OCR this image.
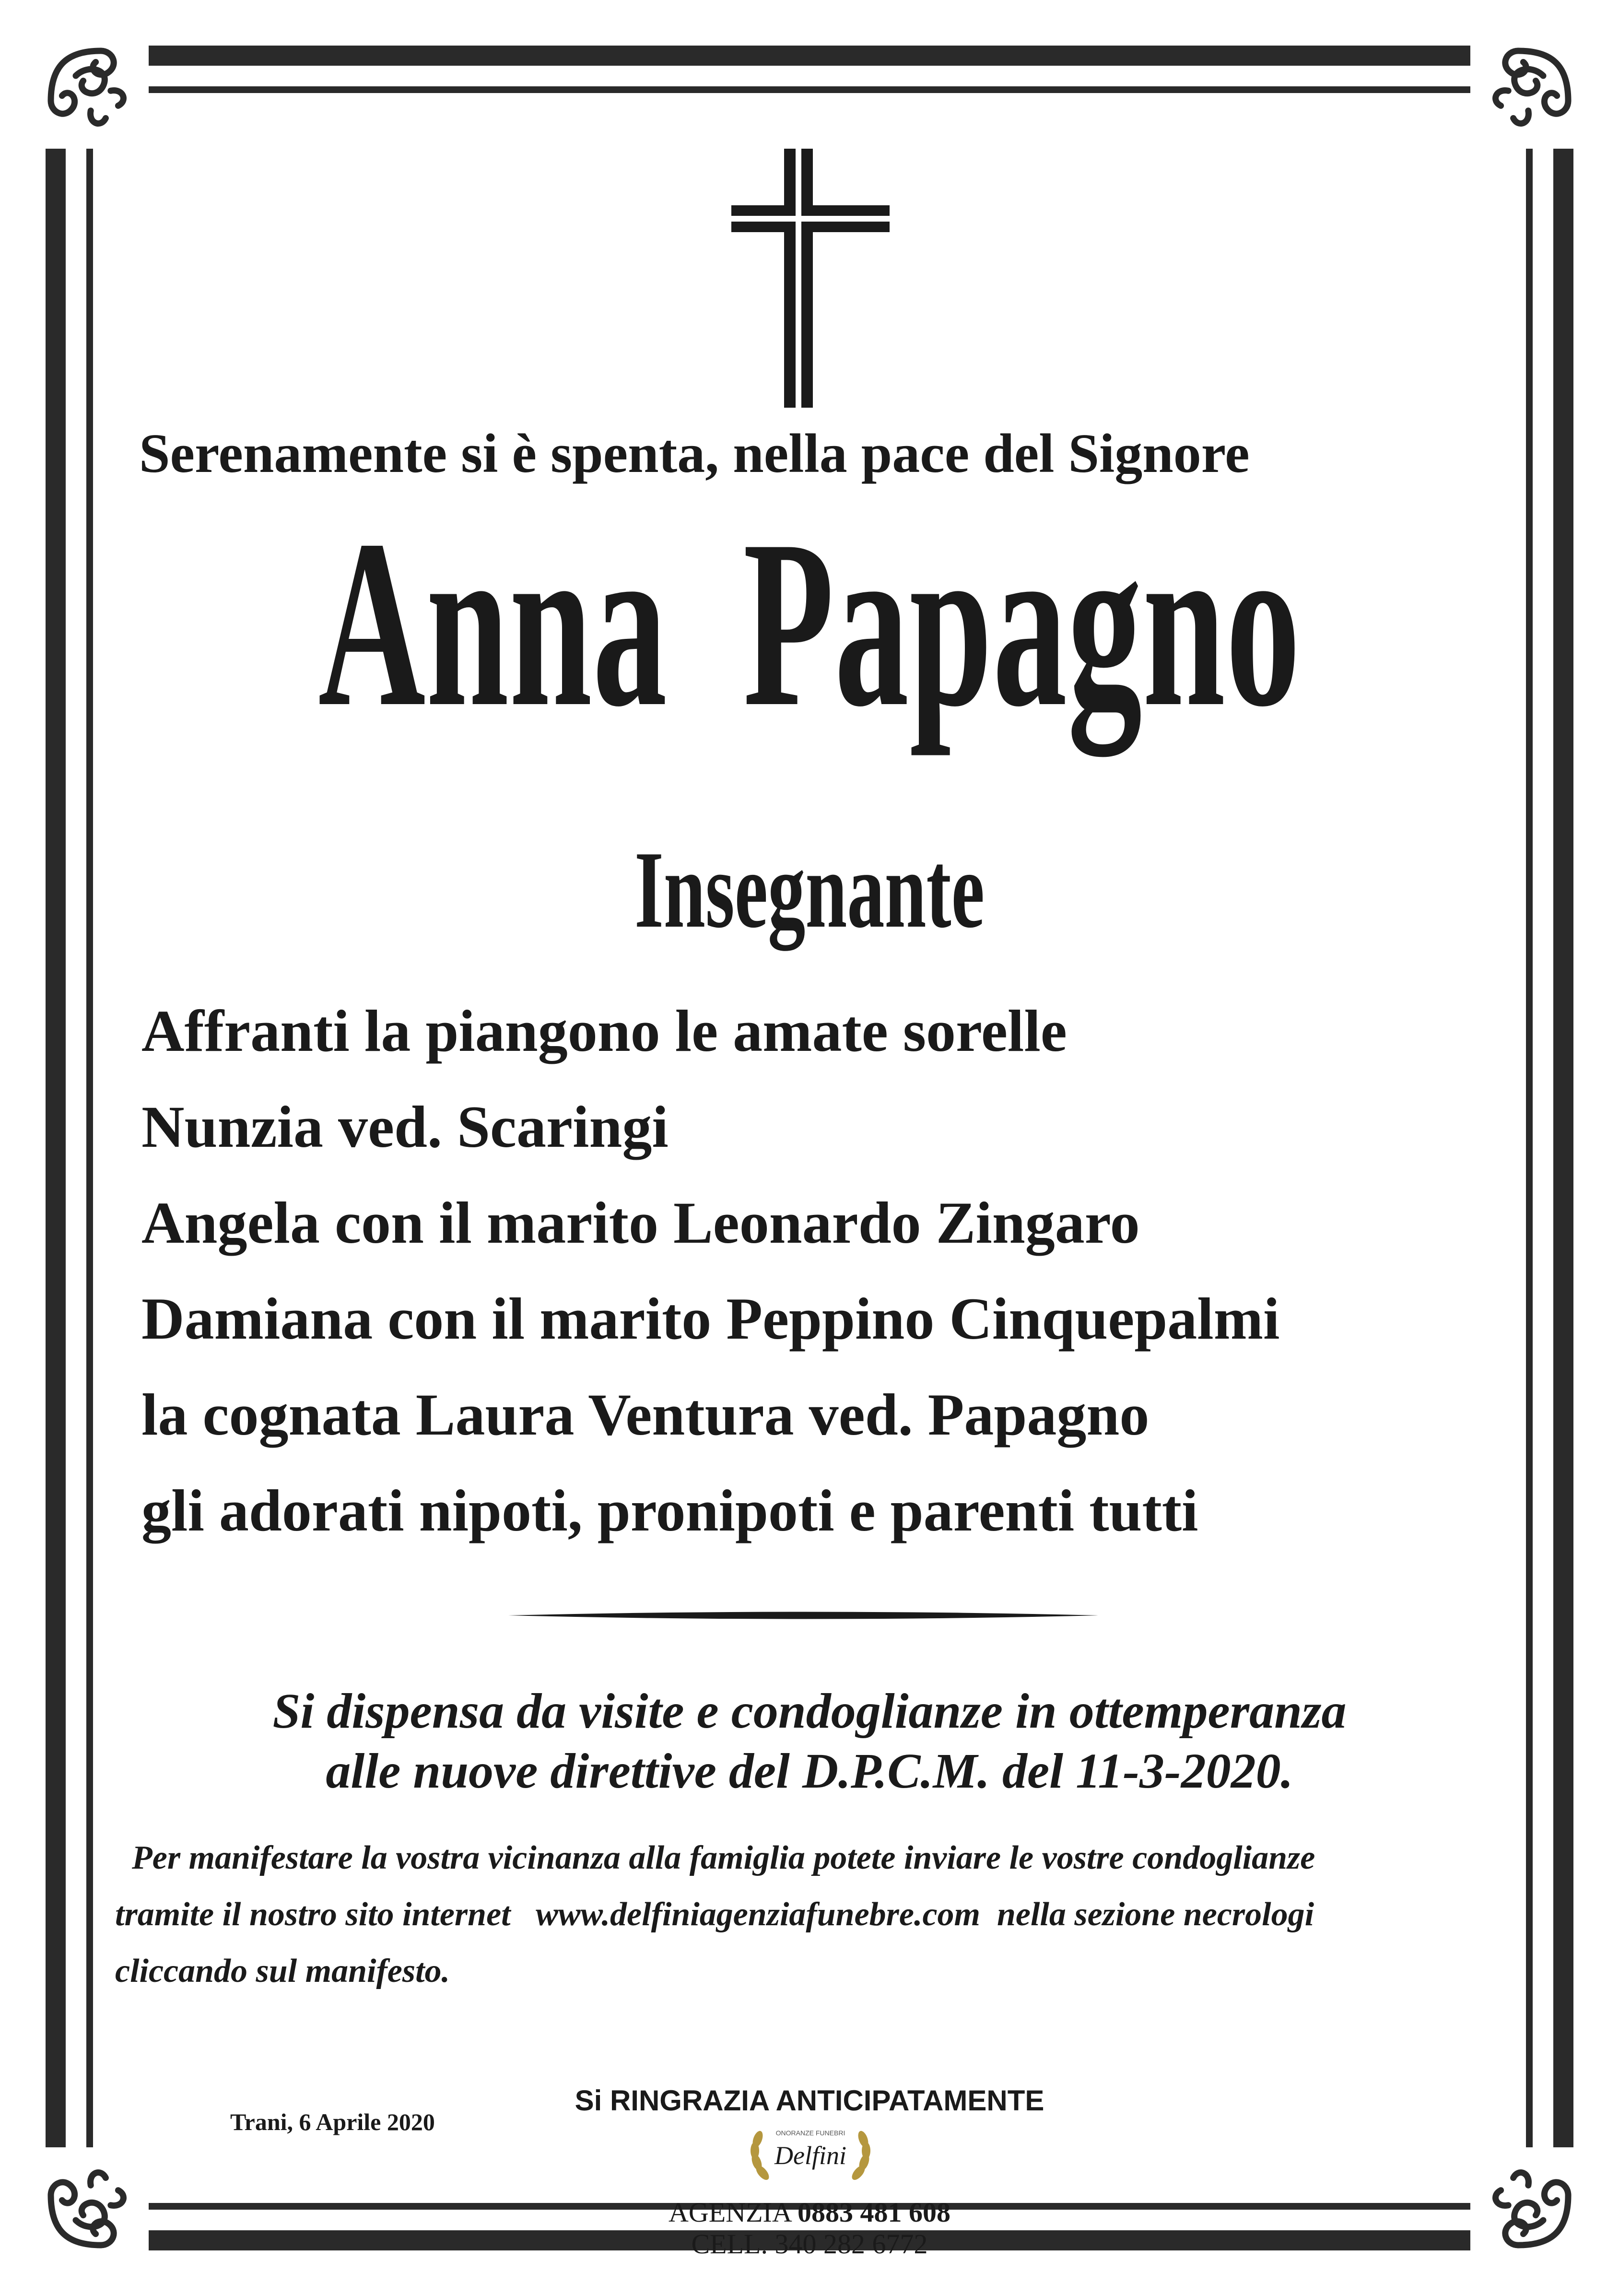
Serenamente si è spenta, nella pace del Signore
Anna  Papagno
Insegnante
Affranti la piangono le amate sorelle
Nunzia ved. Scaringi
Angela con il marito Leonardo Zingaro
Damiana con il marito Peppino Cinquepalmi
la cognata Laura Ventura ved. Papagno
gli adorati nipoti, pronipoti e parenti tutti
Si dispensa da visite e condoglianze in ottemperanza
alle nuove direttive del D.P.C.M. del 11-3-2020.
Per manifestare la vostra vicinanza alla famiglia potete inviare le vostre condoglianze
tramite il nostro sito internet   www.delfiniagenziafunebre.com  nella sezione necrologi
cliccando sul manifesto.
Si RINGRAZIA ANTICIPATAMENTE
Trani, 6 Aprile 2020	ONORANZE FUNEBRI
Delfini
AGENZIA 0883 481 608
CELL. 340 282 6772
